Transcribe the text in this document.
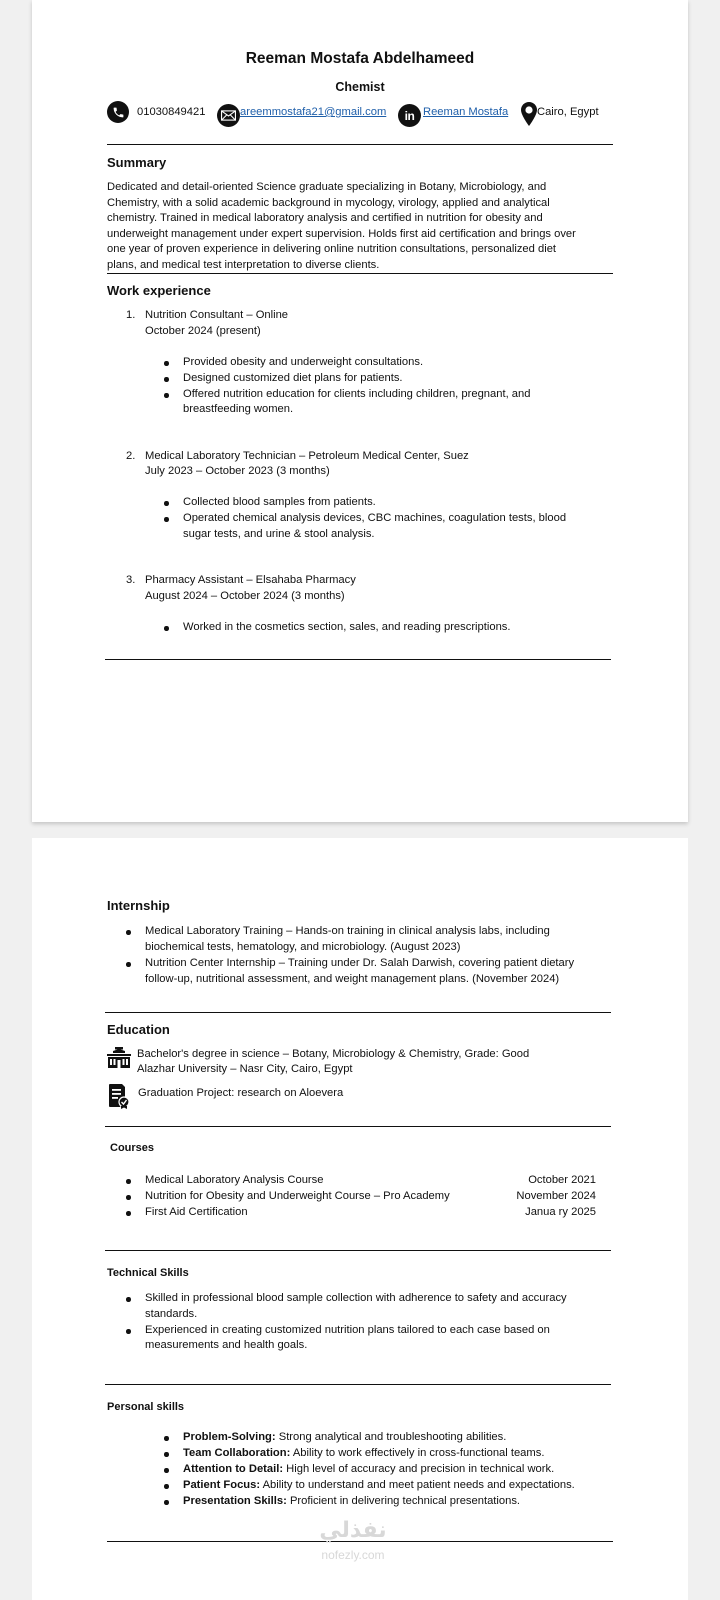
Reeman Mostafa Abdelhameed
Chemist
01030849421	areemmostafa21@gmail.com in Reeman Mostafa	Cairo, Egypt
Summary
Dedicated and detail-oriented Science graduate specializing in Botany, Microbiology, and
Chemistry, with a solid academic background in mycology, virology, applied and analytical
chemistry. Trained in medical laboratory analysis and certified in nutrition for obesity and
underweight management under expert supervision. Holds first aid certification and brings over
one year of proven experience in delivering online nutrition consultations, personalized diet
plans, and medical test interpretation to diverse clients.
Work experience
1. Nutrition Consultant – Online
October 2024 (present)
Provided obesity and underweight consultations.
Designed customized diet plans for patients.
Offered nutrition education for clients including children, pregnant, and
breastfeeding women.
2. Medical Laboratory Technician – Petroleum Medical Center, Suez
July 2023 – October 2023 (3 months)
Collected blood samples from patients.
Operated chemical analysis devices, CBC machines, coagulation tests, blood
sugar tests, and urine & stool analysis.
3. Pharmacy Assistant – Elsahaba Pharmacy
August 2024 – October 2024 (3 months)
Worked in the cosmetics section, sales, and reading prescriptions.
Internship
Medical Laboratory Training – Hands-on training in clinical analysis labs, including
biochemical tests, hematology, and microbiology. (August 2023)
Nutrition Center Internship – Training under Dr. Salah Darwish, covering patient dietary
follow-up, nutritional assessment, and weight management plans. (November 2024)
Education
Bachelor's degree in science – Botany, Microbiology & Chemistry, Grade: Good
Alazhar University – Nasr City, Cairo, Egypt
Graduation Project: research on Aloevera
Courses
Medical Laboratory Analysis Course	October 2021
Nutrition for Obesity and Underweight Course – Pro Academy	November 2024
First Aid Certification	Janua ry 2025
Technical Skills
Skilled in professional blood sample collection with adherence to safety and accuracy
standards.
Experienced in creating customized nutrition plans tailored to each case based on
measurements and health goals.
Personal skills
Problem-Solving: Strong analytical and troubleshooting abilities.
Team Collaboration: Ability to work effectively in cross-functional teams.
Attention to Detail: High level of accuracy and precision in technical work.
Patient Focus: Ability to understand and meet patient needs and expectations.
Presentation Skills: Proficient in delivering technical presentations.
نفذلي
nofezly.com
